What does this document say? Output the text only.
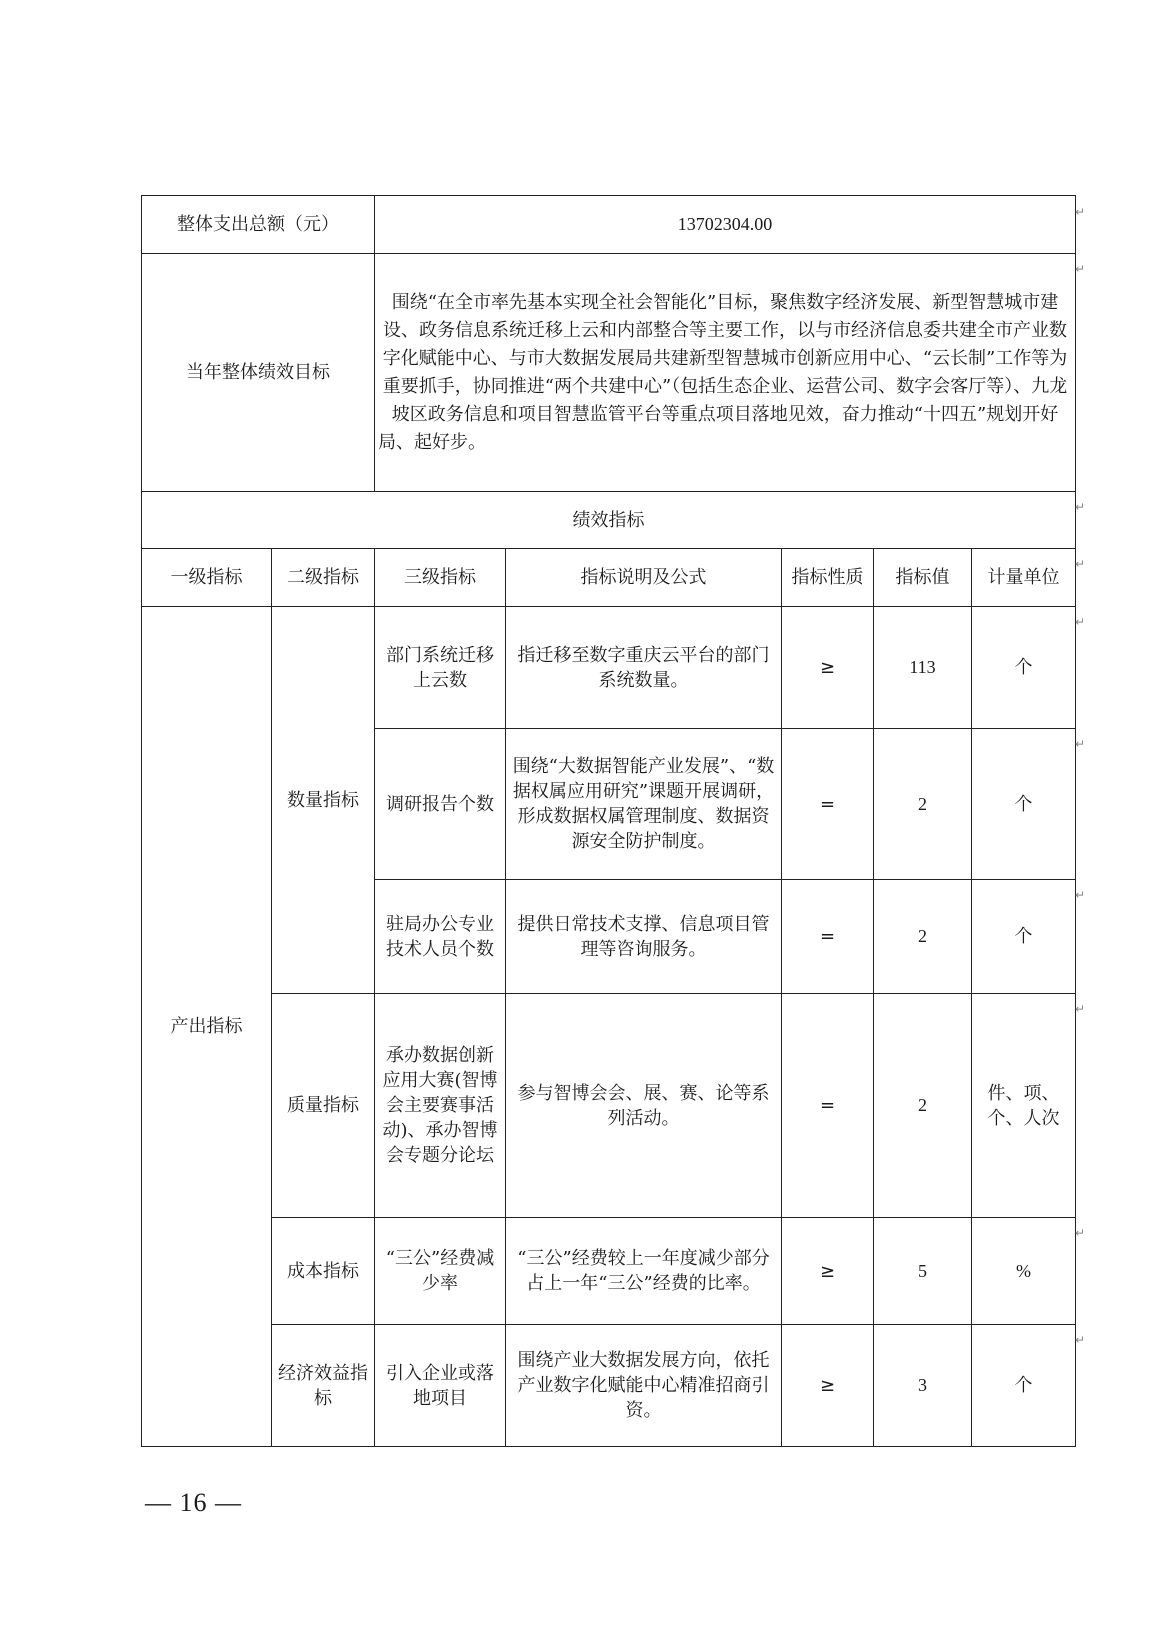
整体支出总额（元）		13702304.00				
当年整体绩效目标		围绕“在全市率先基本实现全社会智能化”目标，聚焦数字经济发展、新型智慧城市建设、政务信息系统迁移上云和内部整合等主要工作，以与市经济信息委共建全市产业数字化赋能中心、与市大数据发展局共建新型智慧城市创新应用中心、“云长制”工作等为重要抓手，协同推进“两个共建中心”（包括生态企业、运营公司、数字会客厅等）、九龙坡区政务信息和项目智慧监管平台等重点项目落地见效，奋力推动“十四五”规划开好局、起好步。				
绩效指标						
一级指标	二级指标	三级指标	指标说明及公式	指标性质	指标值	计量单位
产出指标	数量指标	部门系统迁移上云数	指迁移至数字重庆云平台的部门系统数量。	≥	113	个
		调研报告个数	围绕“大数据智能产业发展”、“数据权属应用研究”课题开展调研，形成数据权属管理制度、数据资源安全防护制度。	=	2	个
		驻局办公专业技术人员个数	提供日常技术支撑、信息项目管理等咨询服务。	=	2	个
	质量指标	承办数据创新应用大赛(智博会主要赛事活动)、承办智博会专题分论坛	参与智博会会、展、赛、论等系列活动。	=	2	件、项、个、人次
	成本指标	“三公”经费减少率	“三公”经费较上一年度减少部分占上一年“三公”经费的比率。	≥	5	%
	经济效益指标	引入企业或落地项目	围绕产业大数据发展方向，依托产业数字化赋能中心精准招商引资。	≥	3	个
↵
↵
↵
↵
↵
↵
↵
↵
↵
↵
— 16 —
